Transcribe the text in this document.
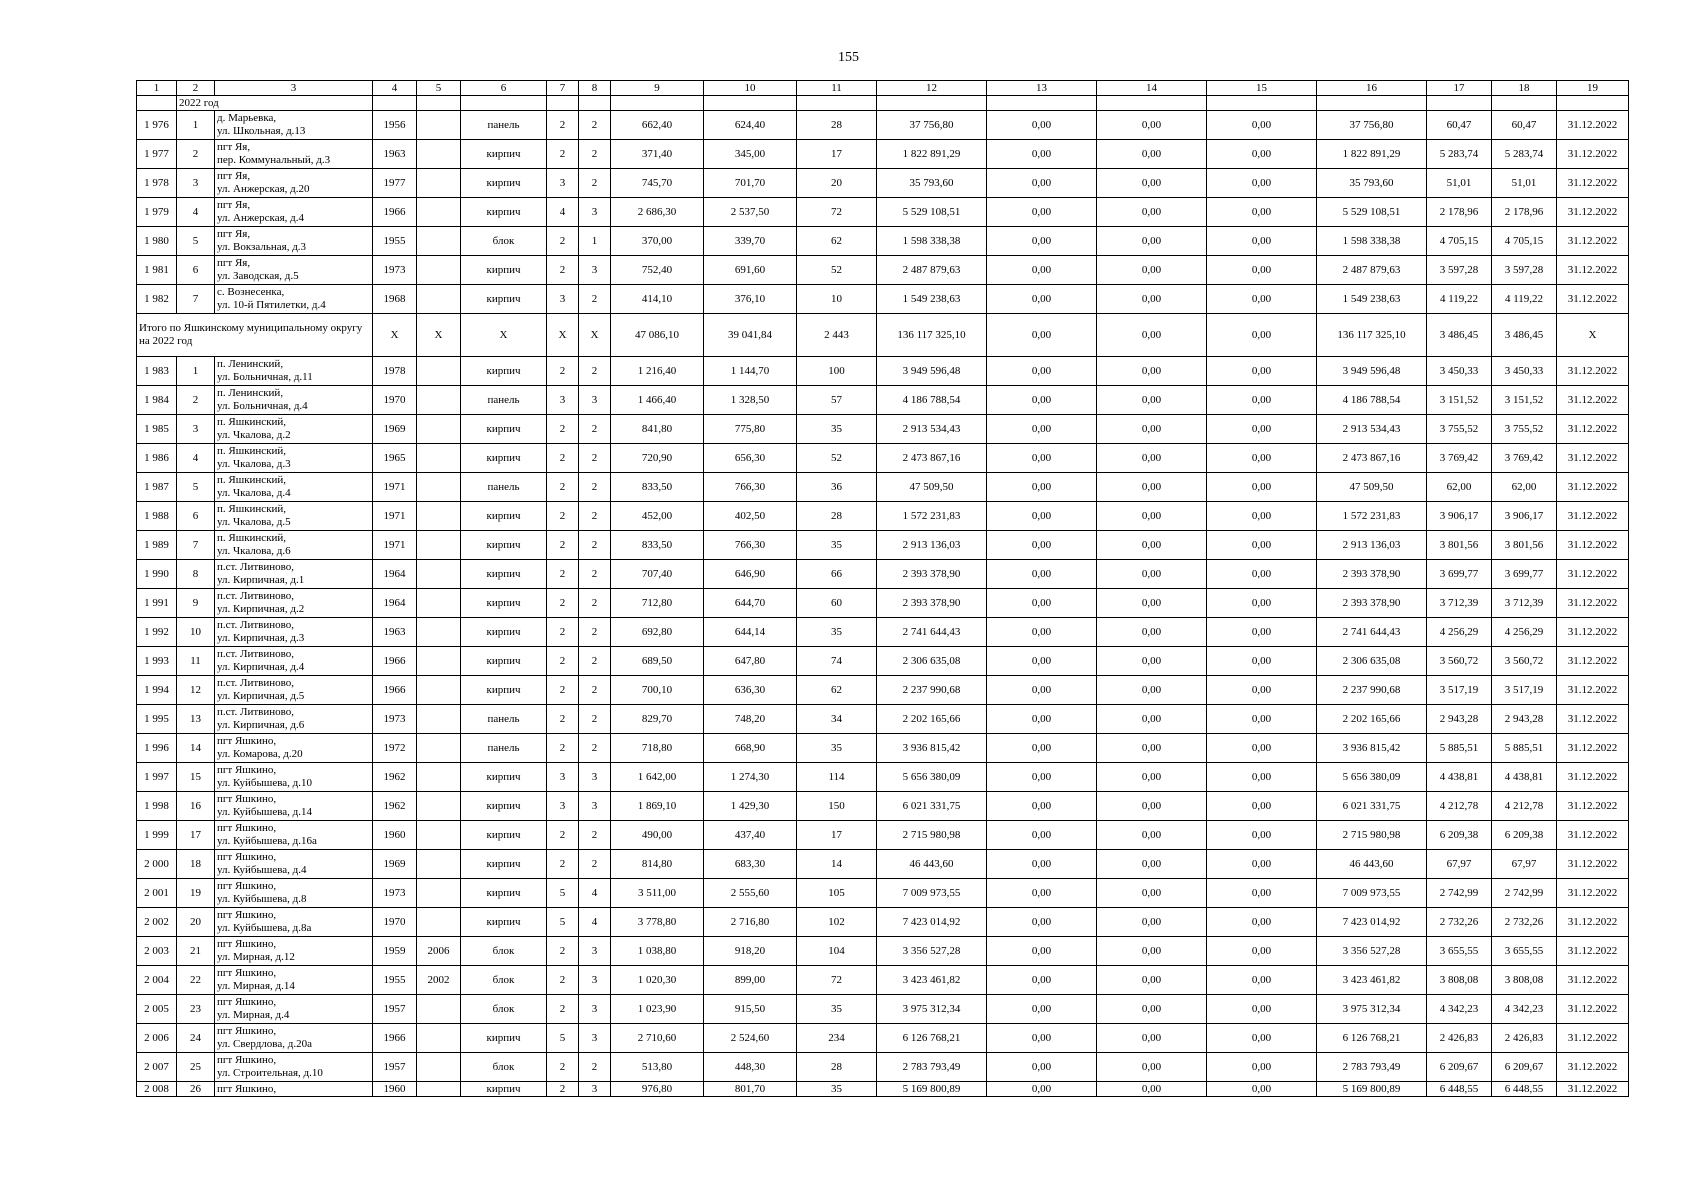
155
1	2	3	4	5	6	7	8	9	10	11	12	13	14	15	16	17	18	19
	2022 год																	
1 976	1	д. Марьевка,
ул. Школьная, д.13	1956		панель	2	2	662,40	624,40	28	37 756,80	0,00	0,00	0,00	37 756,80	60,47	60,47	31.12.2022
1 977	2	пгт Яя,
пер. Коммунальный, д.3	1963		кирпич	2	2	371,40	345,00	17	1 822 891,29	0,00	0,00	0,00	1 822 891,29	5 283,74	5 283,74	31.12.2022
1 978	3	пгт Яя,
ул. Анжерская, д.20	1977		кирпич	3	2	745,70	701,70	20	35 793,60	0,00	0,00	0,00	35 793,60	51,01	51,01	31.12.2022
1 979	4	пгт Яя,
ул. Анжерская, д.4	1966		кирпич	4	3	2 686,30	2 537,50	72	5 529 108,51	0,00	0,00	0,00	5 529 108,51	2 178,96	2 178,96	31.12.2022
1 980	5	пгт Яя,
ул. Вокзальная, д.3	1955		блок	2	1	370,00	339,70	62	1 598 338,38	0,00	0,00	0,00	1 598 338,38	4 705,15	4 705,15	31.12.2022
1 981	6	пгт Яя,
ул. Заводская, д.5	1973		кирпич	2	3	752,40	691,60	52	2 487 879,63	0,00	0,00	0,00	2 487 879,63	3 597,28	3 597,28	31.12.2022
1 982	7	с. Вознесенка,
ул. 10-й Пятилетки, д.4	1968		кирпич	3	2	414,10	376,10	10	1 549 238,63	0,00	0,00	0,00	1 549 238,63	4 119,22	4 119,22	31.12.2022
Итого по Яшкинскому муниципальному округу на 2022 год			X	X	X	X	X	47 086,10	39 041,84	2 443	136 117 325,10	0,00	0,00	0,00	136 117 325,10	3 486,45	3 486,45	X
1 983	1	п. Ленинский,
ул. Больничная, д.11	1978		кирпич	2	2	1 216,40	1 144,70	100	3 949 596,48	0,00	0,00	0,00	3 949 596,48	3 450,33	3 450,33	31.12.2022
1 984	2	п. Ленинский,
ул. Больничная, д.4	1970		панель	3	3	1 466,40	1 328,50	57	4 186 788,54	0,00	0,00	0,00	4 186 788,54	3 151,52	3 151,52	31.12.2022
1 985	3	п. Яшкинский,
ул. Чкалова, д.2	1969		кирпич	2	2	841,80	775,80	35	2 913 534,43	0,00	0,00	0,00	2 913 534,43	3 755,52	3 755,52	31.12.2022
1 986	4	п. Яшкинский,
ул. Чкалова, д.3	1965		кирпич	2	2	720,90	656,30	52	2 473 867,16	0,00	0,00	0,00	2 473 867,16	3 769,42	3 769,42	31.12.2022
1 987	5	п. Яшкинский,
ул. Чкалова, д.4	1971		панель	2	2	833,50	766,30	36	47 509,50	0,00	0,00	0,00	47 509,50	62,00	62,00	31.12.2022
1 988	6	п. Яшкинский,
ул. Чкалова, д.5	1971		кирпич	2	2	452,00	402,50	28	1 572 231,83	0,00	0,00	0,00	1 572 231,83	3 906,17	3 906,17	31.12.2022
1 989	7	п. Яшкинский,
ул. Чкалова, д.6	1971		кирпич	2	2	833,50	766,30	35	2 913 136,03	0,00	0,00	0,00	2 913 136,03	3 801,56	3 801,56	31.12.2022
1 990	8	п.ст. Литвиново,
ул. Кирпичная, д.1	1964		кирпич	2	2	707,40	646,90	66	2 393 378,90	0,00	0,00	0,00	2 393 378,90	3 699,77	3 699,77	31.12.2022
1 991	9	п.ст. Литвиново,
ул. Кирпичная, д.2	1964		кирпич	2	2	712,80	644,70	60	2 393 378,90	0,00	0,00	0,00	2 393 378,90	3 712,39	3 712,39	31.12.2022
1 992	10	п.ст. Литвиново,
ул. Кирпичная, д.3	1963		кирпич	2	2	692,80	644,14	35	2 741 644,43	0,00	0,00	0,00	2 741 644,43	4 256,29	4 256,29	31.12.2022
1 993	11	п.ст. Литвиново,
ул. Кирпичная, д.4	1966		кирпич	2	2	689,50	647,80	74	2 306 635,08	0,00	0,00	0,00	2 306 635,08	3 560,72	3 560,72	31.12.2022
1 994	12	п.ст. Литвиново,
ул. Кирпичная, д.5	1966		кирпич	2	2	700,10	636,30	62	2 237 990,68	0,00	0,00	0,00	2 237 990,68	3 517,19	3 517,19	31.12.2022
1 995	13	п.ст. Литвиново,
ул. Кирпичная, д.6	1973		панель	2	2	829,70	748,20	34	2 202 165,66	0,00	0,00	0,00	2 202 165,66	2 943,28	2 943,28	31.12.2022
1 996	14	пгт Яшкино,
ул. Комарова, д.20	1972		панель	2	2	718,80	668,90	35	3 936 815,42	0,00	0,00	0,00	3 936 815,42	5 885,51	5 885,51	31.12.2022
1 997	15	пгт Яшкино,
ул. Куйбышева, д.10	1962		кирпич	3	3	1 642,00	1 274,30	114	5 656 380,09	0,00	0,00	0,00	5 656 380,09	4 438,81	4 438,81	31.12.2022
1 998	16	пгт Яшкино,
ул. Куйбышева, д.14	1962		кирпич	3	3	1 869,10	1 429,30	150	6 021 331,75	0,00	0,00	0,00	6 021 331,75	4 212,78	4 212,78	31.12.2022
1 999	17	пгт Яшкино,
ул. Куйбышева, д.16а	1960		кирпич	2	2	490,00	437,40	17	2 715 980,98	0,00	0,00	0,00	2 715 980,98	6 209,38	6 209,38	31.12.2022
2 000	18	пгт Яшкино,
ул. Куйбышева, д.4	1969		кирпич	2	2	814,80	683,30	14	46 443,60	0,00	0,00	0,00	46 443,60	67,97	67,97	31.12.2022
2 001	19	пгт Яшкино,
ул. Куйбышева, д.8	1973		кирпич	5	4	3 511,00	2 555,60	105	7 009 973,55	0,00	0,00	0,00	7 009 973,55	2 742,99	2 742,99	31.12.2022
2 002	20	пгт Яшкино,
ул. Куйбышева, д.8а	1970		кирпич	5	4	3 778,80	2 716,80	102	7 423 014,92	0,00	0,00	0,00	7 423 014,92	2 732,26	2 732,26	31.12.2022
2 003	21	пгт Яшкино,
ул. Мирная, д.12	1959	2006	блок	2	3	1 038,80	918,20	104	3 356 527,28	0,00	0,00	0,00	3 356 527,28	3 655,55	3 655,55	31.12.2022
2 004	22	пгт Яшкино,
ул. Мирная, д.14	1955	2002	блок	2	3	1 020,30	899,00	72	3 423 461,82	0,00	0,00	0,00	3 423 461,82	3 808,08	3 808,08	31.12.2022
2 005	23	пгт Яшкино,
ул. Мирная, д.4	1957		блок	2	3	1 023,90	915,50	35	3 975 312,34	0,00	0,00	0,00	3 975 312,34	4 342,23	4 342,23	31.12.2022
2 006	24	пгт Яшкино,
ул. Свердлова, д.20а	1966		кирпич	5	3	2 710,60	2 524,60	234	6 126 768,21	0,00	0,00	0,00	6 126 768,21	2 426,83	2 426,83	31.12.2022
2 007	25	пгт Яшкино,
ул. Строительная, д.10	1957		блок	2	2	513,80	448,30	28	2 783 793,49	0,00	0,00	0,00	2 783 793,49	6 209,67	6 209,67	31.12.2022
2 008	26	пгт Яшкино,	1960		кирпич	2	3	976,80	801,70	35	5 169 800,89	0,00	0,00	0,00	5 169 800,89	6 448,55	6 448,55	31.12.2022
